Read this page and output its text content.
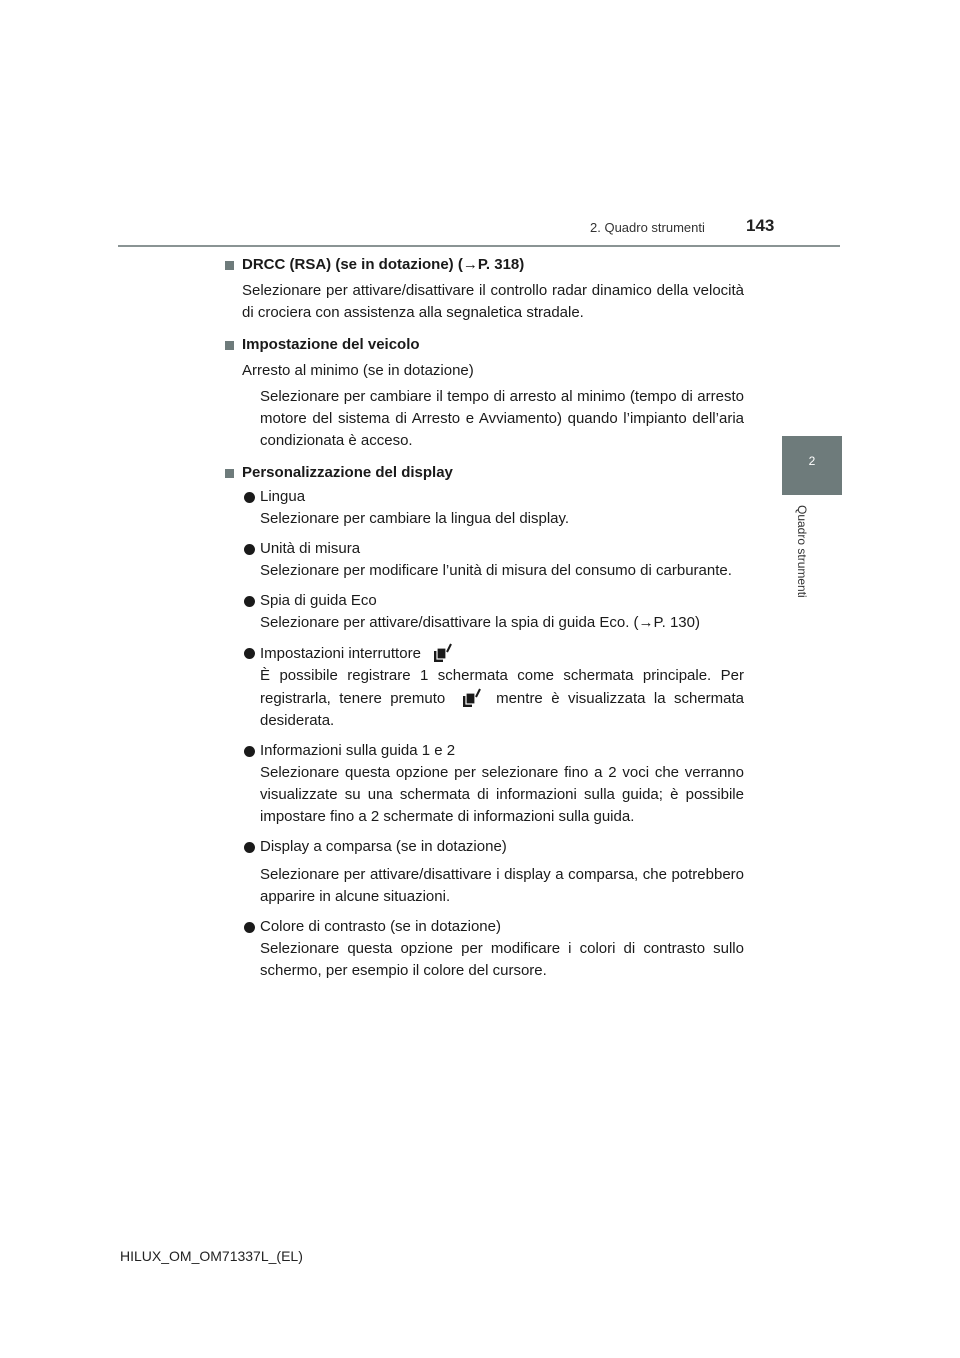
2. Quadro strumenti 143
2
Quadro strumenti
DRCC (RSA) (se in dotazione) (→P. 318)
Selezionare per attivare/disattivare il controllo radar dinamico della velocità di crociera con assistenza alla segnaletica stradale.
Impostazione del veicolo
Arresto al minimo (se in dotazione)
Selezionare per cambiare il tempo di arresto al minimo (tempo di arresto motore del sistema di Arresto e Avviamento) quando l’impianto dell’aria condizionata è acceso.
Personalizzazione del display
Lingua
Selezionare per cambiare la lingua del display.
Unità di misura
Selezionare per modificare l’unità di misura del consumo di carburante.
Spia di guida Eco
Selezionare per attivare/disattivare la spia di guida Eco. (→P. 130)
Impostazioni interruttore
È possibile registrare 1 schermata come schermata principale. Per registrarla, tenere premuto	mentre è visualizzata la schermata desiderata.
Informazioni sulla guida 1 e 2
Selezionare questa opzione per selezionare fino a 2 voci che verranno visualizzate su una schermata di informazioni sulla guida; è possibile impostare fino a 2 schermate di informazioni sulla guida.
Display a comparsa (se in dotazione)
Selezionare per attivare/disattivare i display a comparsa, che potrebbero apparire in alcune situazioni.
Colore di contrasto (se in dotazione)
Selezionare questa opzione per modificare i colori di contrasto sullo schermo, per esempio il colore del cursore.
HILUX_OM_OM71337L_(EL)
